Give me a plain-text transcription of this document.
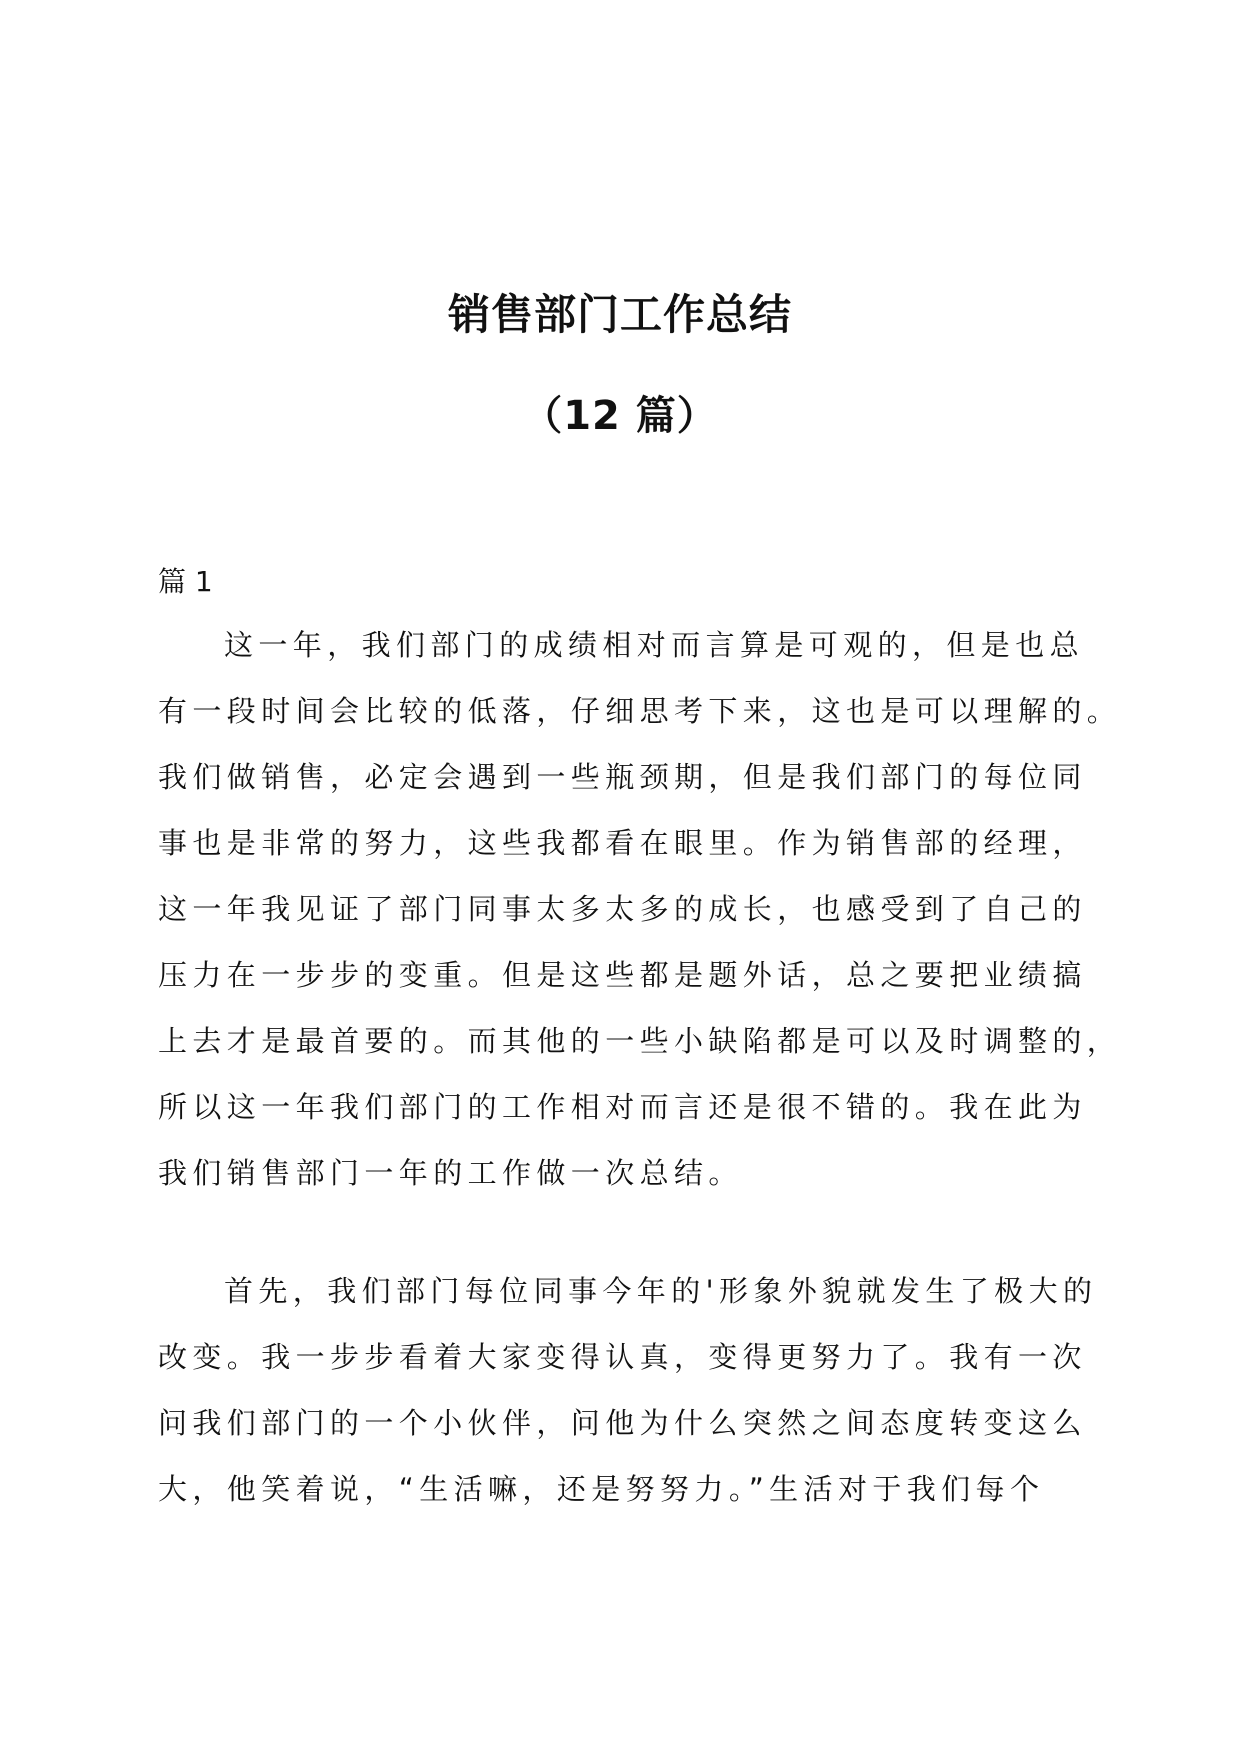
销售部门工作总结
（12 篇）
篇 1
这一年，我们部门的成绩相对而言算是可观的，但是也总
有一段时间会比较的低落，仔细思考下来，这也是可以理解的。
我们做销售，必定会遇到一些瓶颈期，但是我们部门的每位同
事也是非常的努力，这些我都看在眼里。作为销售部的经理，
这一年我见证了部门同事太多太多的成长，也感受到了自己的
压力在一步步的变重。但是这些都是题外话，总之要把业绩搞
上去才是最首要的。而其他的一些小缺陷都是可以及时调整的，
所以这一年我们部门的工作相对而言还是很不错的。我在此为
我们销售部门一年的工作做一次总结。
首先，我们部门每位同事今年的'形象外貌就发生了极大的
改变。我一步步看着大家变得认真，变得更努力了。我有一次
问我们部门的一个小伙伴，问他为什么突然之间态度转变这么
大，他笑着说，“生活嘛，还是努努力。”生活对于我们每个
